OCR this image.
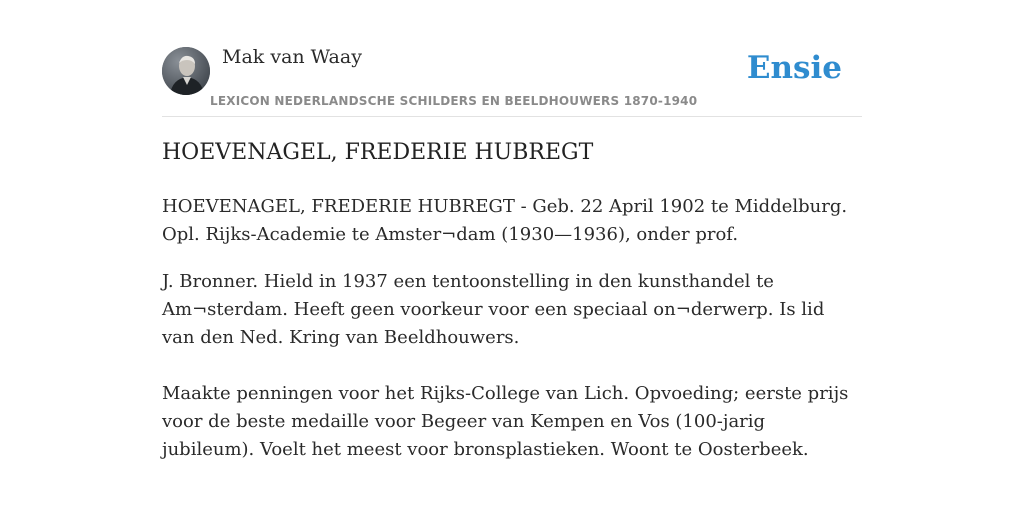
Mak van Waay
LEXICON NEDERLANDSCHE SCHILDERS EN BEELDHOUWERS 1870-1940
Ensie
HOEVENAGEL, FREDERIE HUBREGT

HOEVENAGEL, FREDERIE HUBREGT - Geb. 22 April 1902 te Middelburg. Opl. Rijks-Academie te Amster¬dam (1930—1936), onder prof.

J. Bronner. Hield in 1937 een tentoonstelling in den kunsthandel te Am¬sterdam. Heeft geen voorkeur voor een speciaal on¬derwerp. Is lid van den Ned. Kring van Beeldhouwers.

Maakte penningen voor het Rijks-College van Lich. Opvoeding; eerste prijs voor de beste medaille voor Begeer van Kempen en Vos (100-jarig jubileum). Voelt het meest voor bronsplastieken. Woont te Oosterbeek.
